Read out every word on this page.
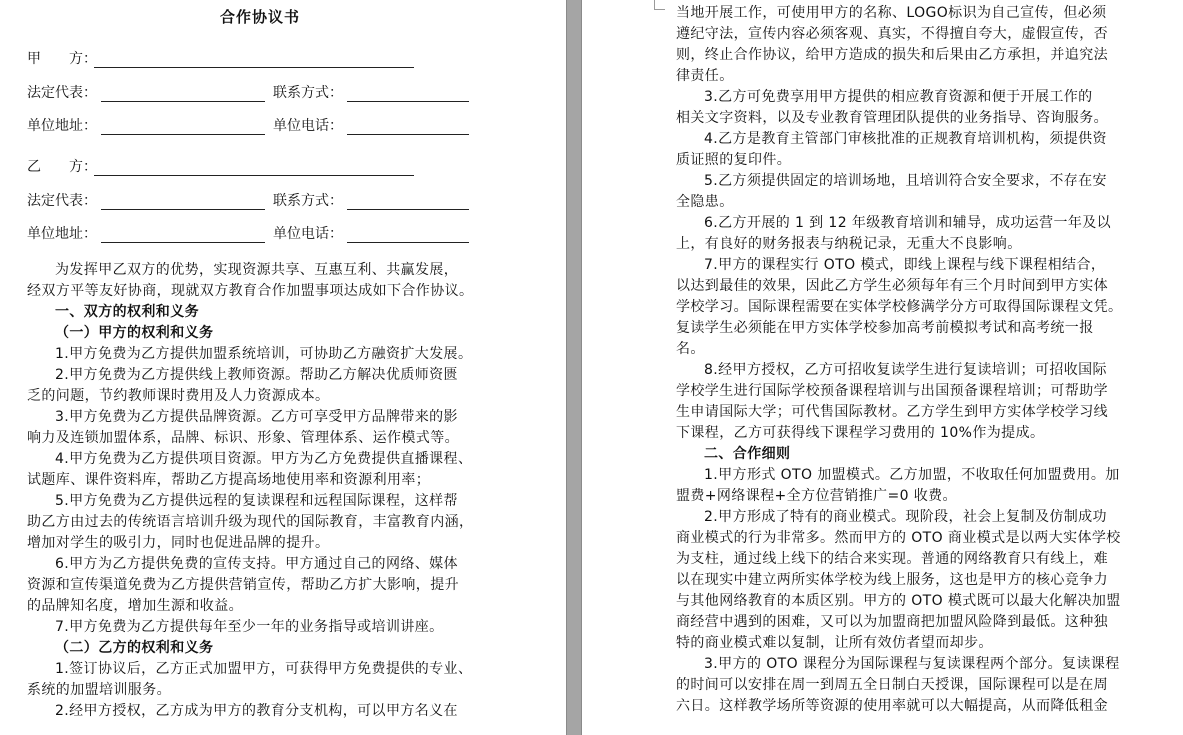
合作协议书
甲　　方：
法定代表：	联系方式：
单位地址：	单位电话：
乙　　方：
法定代表：	联系方式：
单位地址：	单位电话：
为发挥甲乙双方的优势，实现资源共享、互惠互利、共赢发展，
经双方平等友好协商，现就双方教育合作加盟事项达成如下合作协议。
一、双方的权利和义务
（一）甲方的权利和义务
1.甲方免费为乙方提供加盟系统培训，可协助乙方融资扩大发展。
2.甲方免费为乙方提供线上教师资源。帮助乙方解决优质师资匮
乏的问题，节约教师课时费用及人力资源成本。
3.甲方免费为乙方提供品牌资源。乙方可享受甲方品牌带来的影
响力及连锁加盟体系，品牌、标识、形象、管理体系、运作模式等。
4.甲方免费为乙方提供项目资源。甲方为乙方免费提供直播课程、
试题库、课件资料库，帮助乙方提高场地使用率和资源利用率；
5.甲方免费为乙方提供远程的复读课程和远程国际课程，这样帮
助乙方由过去的传统语言培训升级为现代的国际教育，丰富教育内涵，
增加对学生的吸引力，同时也促进品牌的提升。
6.甲方为乙方提供免费的宣传支持。甲方通过自己的网络、媒体
资源和宣传渠道免费为乙方提供营销宣传，帮助乙方扩大影响，提升
的品牌知名度，增加生源和收益。
7.甲方免费为乙方提供每年至少一年的业务指导或培训讲座。
（二）乙方的权利和义务
1.签订协议后，乙方正式加盟甲方，可获得甲方免费提供的专业、
系统的加盟培训服务。
2.经甲方授权，乙方成为甲方的教育分支机构，可以甲方名义在
当地开展工作，可使用甲方的名称、LOGO标识为自己宣传，但必须
遵纪守法，宣传内容必须客观、真实，不得擅自夸大，虚假宣传，否
则，终止合作协议，给甲方造成的损失和后果由乙方承担，并追究法
律责任。
3.乙方可免费享用甲方提供的相应教育资源和便于开展工作的
相关文字资料，以及专业教育管理团队提供的业务指导、咨询服务。
4.乙方是教育主管部门审核批准的正规教育培训机构，须提供资
质证照的复印件。
5.乙方须提供固定的培训场地，且培训符合安全要求，不存在安
全隐患。
6.乙方开展的 1 到 12 年级教育培训和辅导，成功运营一年及以
上，有良好的财务报表与纳税记录，无重大不良影响。
7.甲方的课程实行 OTO 模式，即线上课程与线下课程相结合，
以达到最佳的效果，因此乙方学生必须每年有三个月时间到甲方实体
学校学习。国际课程需要在实体学校修满学分方可取得国际课程文凭。
复读学生必须能在甲方实体学校参加高考前模拟考试和高考统一报
名。
8.经甲方授权，乙方可招收复读学生进行复读培训；可招收国际
学校学生进行国际学校预备课程培训与出国预备课程培训；可帮助学
生申请国际大学；可代售国际教材。乙方学生到甲方实体学校学习线
下课程，乙方可获得线下课程学习费用的 10%作为提成。
二、合作细则
1.甲方形式 OTO 加盟模式。乙方加盟，不收取任何加盟费用。加
盟费+网络课程+全方位营销推广=0 收费。
2.甲方形成了特有的商业模式。现阶段，社会上复制及仿制成功
商业模式的行为非常多。然而甲方的 OTO 商业模式是以两大实体学校
为支柱，通过线上线下的结合来实现。普通的网络教育只有线上，难
以在现实中建立两所实体学校为线上服务，这也是甲方的核心竞争力
与其他网络教育的本质区别。甲方的 OTO 模式既可以最大化解决加盟
商经营中遇到的困难，又可以为加盟商把加盟风险降到最低。这种独
特的商业模式难以复制，让所有效仿者望而却步。
3.甲方的 OTO 课程分为国际课程与复读课程两个部分。复读课程
的时间可以安排在周一到周五全日制白天授课，国际课程可以是在周
六日。这样教学场所等资源的使用率就可以大幅提高，从而降低租金
